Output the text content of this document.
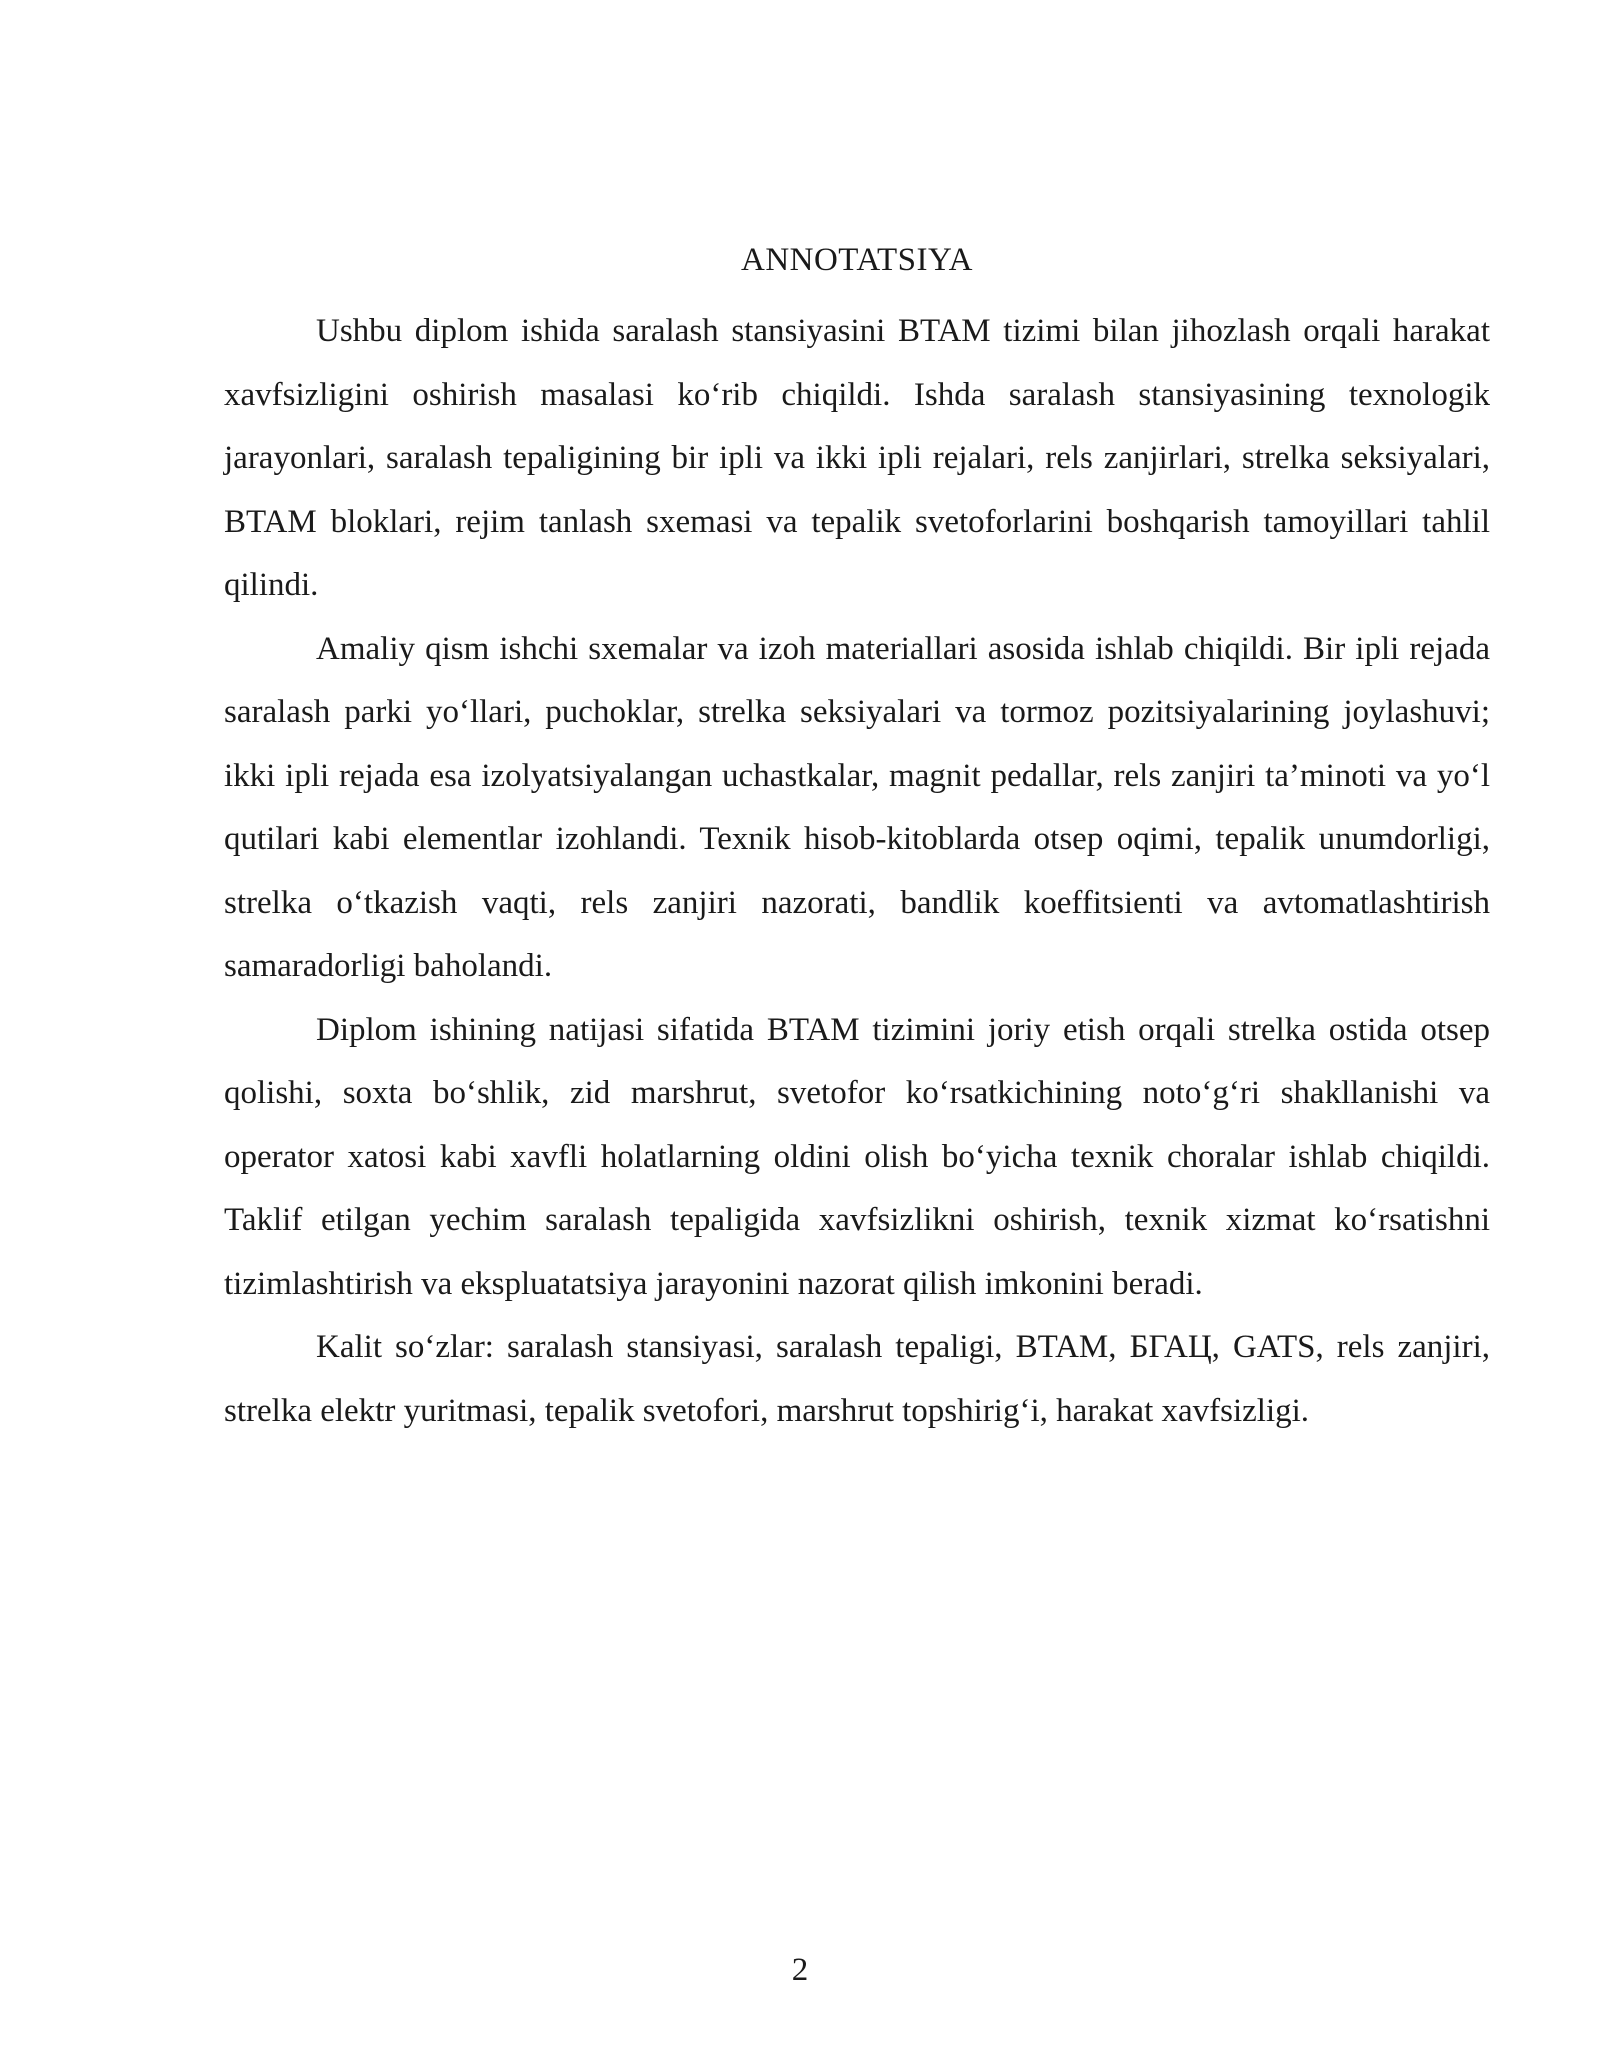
ANNOTATSIYA

Ushbu diplom ishida saralash stansiyasini BTAM tizimi bilan jihozlash orqali harakat xavfsizligini oshirish masalasi ko‘rib chiqildi. Ishda saralash stansiyasining texnologik jarayonlari, saralash tepaligining bir ipli va ikki ipli rejalari, rels zanjirlari, strelka seksiyalari, BTAM bloklari, rejim tanlash sxemasi va tepalik svetoforlarini boshqarish tamoyillari tahlil qilindi.

Amaliy qism ishchi sxemalar va izoh materiallari asosida ishlab chiqildi. Bir ipli rejada saralash parki yo‘llari, puchoklar, strelka seksiyalari va tormoz pozitsiyalarining joylashuvi; ikki ipli rejada esa izolyatsiyalangan uchastkalar, magnit pedallar, rels zanjiri ta’minoti va yo‘l qutilari kabi elementlar izohlandi. Texnik hisob-kitoblarda otsep oqimi, tepalik unumdorligi, strelka o‘tkazish vaqti, rels zanjiri nazorati, bandlik koeffitsienti va avtomatlashtirish samaradorligi baholandi.

Diplom ishining natijasi sifatida BTAM tizimini joriy etish orqali strelka ostida otsep qolishi, soxta bo‘shlik, zid marshrut, svetofor ko‘rsatkichining noto‘g‘ri shakllanishi va operator xatosi kabi xavfli holatlarning oldini olish bo‘yicha texnik choralar ishlab chiqildi. Taklif etilgan yechim saralash tepaligida xavfsizlikni oshirish, texnik xizmat ko‘rsatishni tizimlashtirish va ekspluatatsiya jarayonini nazorat qilish imkonini beradi.

Kalit so‘zlar: saralash stansiyasi, saralash tepaligi, BTAM, БГАЦ, GATS, rels zanjiri, strelka elektr yuritmasi, tepalik svetofori, marshrut topshirig‘i, harakat xavfsizligi.

2
